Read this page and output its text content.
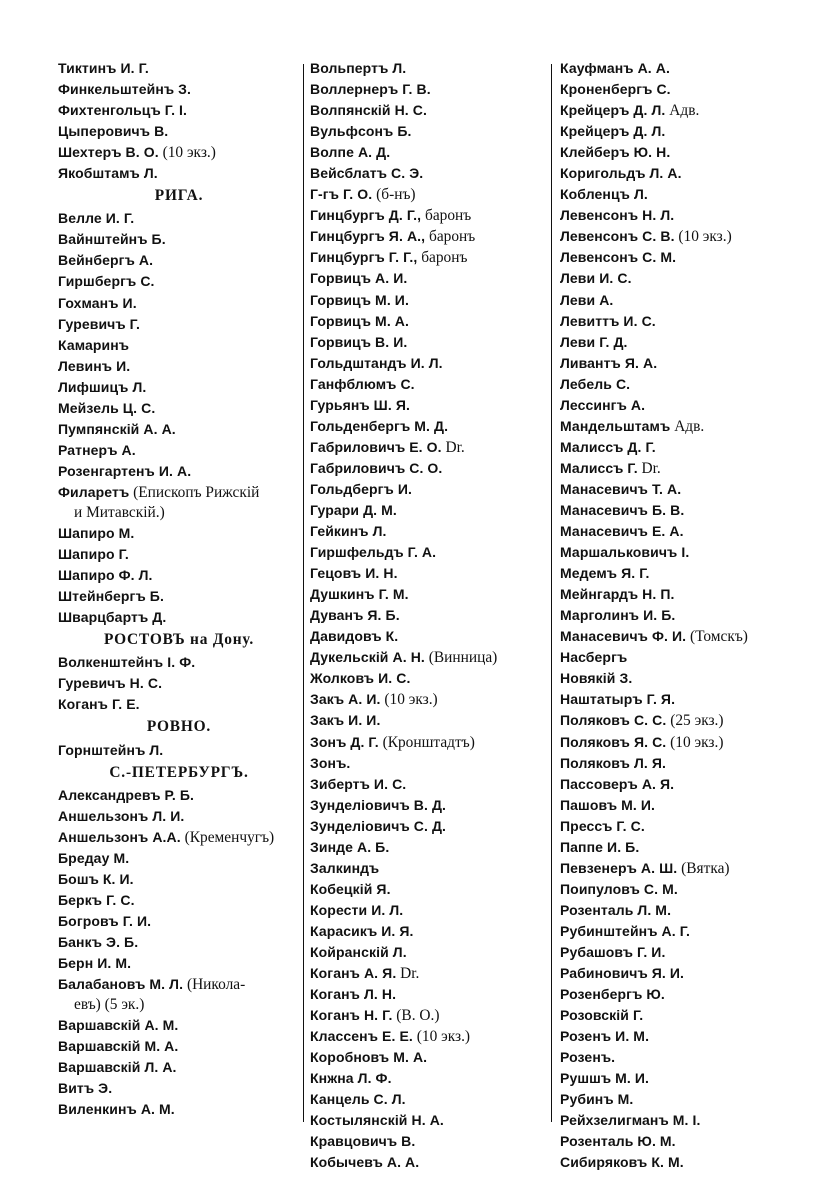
Тиктинъ И. Г.
Финкельштейнъ З.
Фихтенгольцъ Г. І.
Цыперовичъ В.
Шехтеръ В. О. (10 экз.)
Якобштамъ Л.
РИГА.
Велле И. Г.
Вайнштейнъ Б.
Вейнбергъ А.
Гиршбергъ С.
Гохманъ И.
Гуревичъ Г.
Камаринъ
Левинъ И.
Лифшицъ Л.
Мейзель Ц. С.
Пумпянскій А. А.
Ратнеръ А.
Розенгартенъ И. А.
Филаретъ (Епископъ Рижскій
и Митавскій.)
Шапиро М.
Шапиро Г.
Шапиро Ф. Л.
Штейнбергъ Б.
Шварцбартъ Д.
РОСТОВЪ на Дону.
Волкенштейнъ І. Ф.
Гуревичъ Н. С.
Коганъ Г. Е.
РОВНО.
Горнштейнъ Л.
С.-ПЕТЕРБУРГЪ.
Александревъ Р. Б.
Аншельзонъ Л. И.
Аншельзонъ А.А. (Кременчугъ)
Бредау М.
Бошъ К. И.
Беркъ Г. С.
Богровъ Г. И.
Банкъ Э. Б.
Берн И. М.
Балабановъ М. Л. (Никола-
евъ) (5 эк.)
Варшавскій А. М.
Варшавскій М. А.
Варшавскій Л. А.
Витъ Э.
Виленкинъ А. М.
Вольпертъ Л.
Воллернеръ Г. В.
Волпянскій Н. С.
Вульфсонъ Б.
Волпе А. Д.
Вейсблатъ С. Э.
Г-гъ Г. О. (б-нъ)
Гинцбургъ Д. Г., баронъ
Гинцбургъ Я. А., баронъ
Гинцбургъ Г. Г., баронъ
Горвицъ А. И.
Горвицъ М. И.
Горвицъ М. А.
Горвицъ В. И.
Гольдштандъ И. Л.
Ганфблюмъ С.
Гурьянъ Ш. Я.
Гольденбергъ М. Д.
Габриловичъ Е. О. Dr.
Габриловичъ С. О.
Гольдбергъ И.
Гурари Д. М.
Гейкинъ Л.
Гиршфельдъ Г. А.
Гецовъ И. Н.
Душкинъ Г. М.
Дуванъ Я. Б.
Давидовъ К.
Дукельскій А. Н. (Винница)
Жолковъ И. С.
Закъ А. И. (10 экз.)
Закъ И. И.
Зонъ Д. Г. (Кронштадтъ)
Зонъ.
Зибертъ И. С.
Зунделіовичъ В. Д.
Зунделіовичъ С. Д.
Зинде А. Б.
Залкиндъ
Кобецкій Я.
Корести И. Л.
Карасикъ И. Я.
Койранскій Л.
Коганъ А. Я. Dr.
Коганъ Л. Н.
Коганъ Н. Г. (В. О.)
Классенъ Е. Е. (10 экз.)
Коробновъ М. А.
Кнжна Л. Ф.
Канцель С. Л.
Костылянскій Н. А.
Кравцовичъ В.
Кобычевъ А. А.
Кауфманъ А. А.
Кроненбергъ С.
Крейцеръ Д. Л. Адв.
Крейцеръ Д. Л.
Клейберъ Ю. Н.
Коригольдъ Л. А.
Кобленцъ Л.
Левенсонъ Н. Л.
Левенсонъ С. В. (10 экз.)
Левенсонъ С. М.
Леви И. С.
Леви А.
Левиттъ И. С.
Леви Г. Д.
Ливантъ Я. А.
Лебель С.
Лессингъ А.
Мандельштамъ Адв.
Малиссъ Д. Г.
Малиссъ Г. Dr.
Манасевичъ Т. А.
Манасевичъ Б. В.
Манасевичъ Е. А.
Маршальковичъ І.
Медемъ Я. Г.
Мейнгардъ Н. П.
Марголинъ И. Б.
Манасевичъ Ф. И. (Томскъ)
Насбергъ
Новякій З.
Наштатыръ Г. Я.
Поляковъ С. С. (25 экз.)
Поляковъ Я. С. (10 экз.)
Поляковъ Л. Я.
Пассоверъ А. Я.
Пашовъ М. И.
Прессъ Г. С.
Паппе И. Б.
Певзенеръ А. Ш. (Вятка)
Поипуловъ С. М.
Розенталь Л. М.
Рубинштейнъ А. Г.
Рубашовъ Г. И.
Рабиновичъ Я. И.
Розенбергъ Ю.
Розовскій Г.
Розенъ И. М.
Розенъ.
Рушшъ М. И.
Рубинъ М.
Рейхзелигманъ М. І.
Розенталь Ю. М.
Сибиряковъ К. М.
